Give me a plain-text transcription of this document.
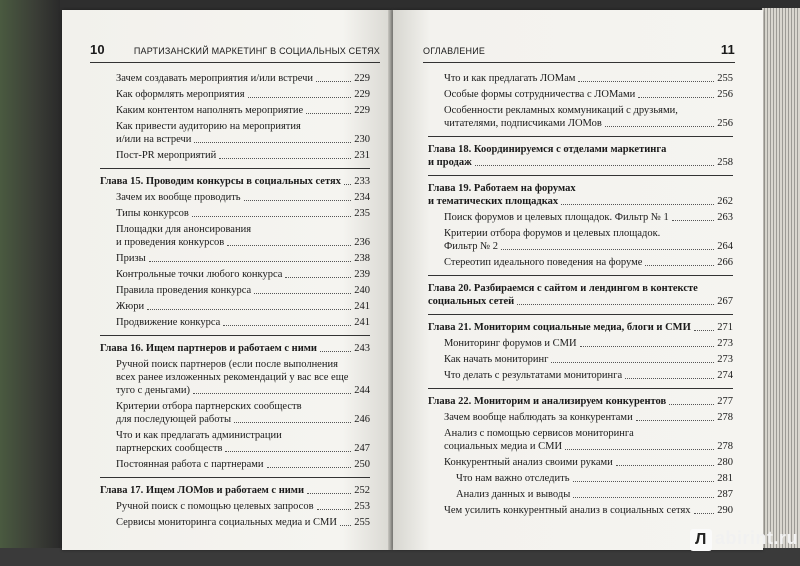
10	ПАРТИЗАНСКИЙ МАРКЕТИНГ В СОЦИАЛЬНЫХ СЕТЯХ
Зачем создавать мероприятия и/или встречи	229
Как оформлять мероприятия	229
Каким контентом наполнять мероприятие	229
Как привести аудиторию на мероприятия
и/или на встречи	230
Пост-PR мероприятий	231
Глава 15. Проводим конкурсы в социальных сетях 233
Зачем их вообще проводить	234
Типы конкурсов	235
Площадки для анонсирования
и проведения конкурсов	236
Призы	238
Контрольные точки любого конкурса	239
Правила проведения конкурса	240
Жюри	241
Продвижение конкурса	241
Глава 16. Ищем партнеров и работаем с ними	243
Ручной поиск партнеров (если после выполнения
всех ранее изложенных рекомендаций у вас все еще
туго с деньгами)	244
Критерии отбора партнерских сообществ
для последующей работы	246
Что и как предлагать администрации
партнерских сообществ	247
Постоянная работа с партнерами	250
Глава 17. Ищем ЛОМов и работаем с ними	252
Ручной поиск с помощью целевых запросов	253
Сервисы мониторинга социальных медиа и СМИ 255
ОГЛАВЛЕНИЕ	11
Что и как предлагать ЛОМам	255
Особые формы сотрудничества с ЛОМами	256
Особенности рекламных коммуникаций с друзьями,
читателями, подписчиками ЛОМов	256
Глава 18. Координируемся с отделами маркетинга
и продаж	258
Глава 19. Работаем на форумах
и тематических площадках	262
Поиск форумов и целевых площадок. Фильтр № 1	263
Критерии отбора форумов и целевых площадок.
Фильтр № 2	264
Стереотип идеального поведения на форуме	266
Глава 20. Разбираемся с сайтом и лендингом в контексте
социальных сетей	267
Глава 21. Мониторим социальные медиа, блоги и СМИ	271
Мониторинг форумов и СМИ	273
Как начать мониторинг	273
Что делать с результатами мониторинга	274
Глава 22. Мониторим и анализируем конкурентов	277
Зачем вообще наблюдать за конкурентами	278
Анализ с помощью сервисов мониторинга
социальных медиа и СМИ	278
Конкурентный анализ своими руками	280
Что нам важно отследить	281
Анализ данных и выводы	287
Чем усилить конкурентный анализ в социальных сетях	290
Л abirint.ru
